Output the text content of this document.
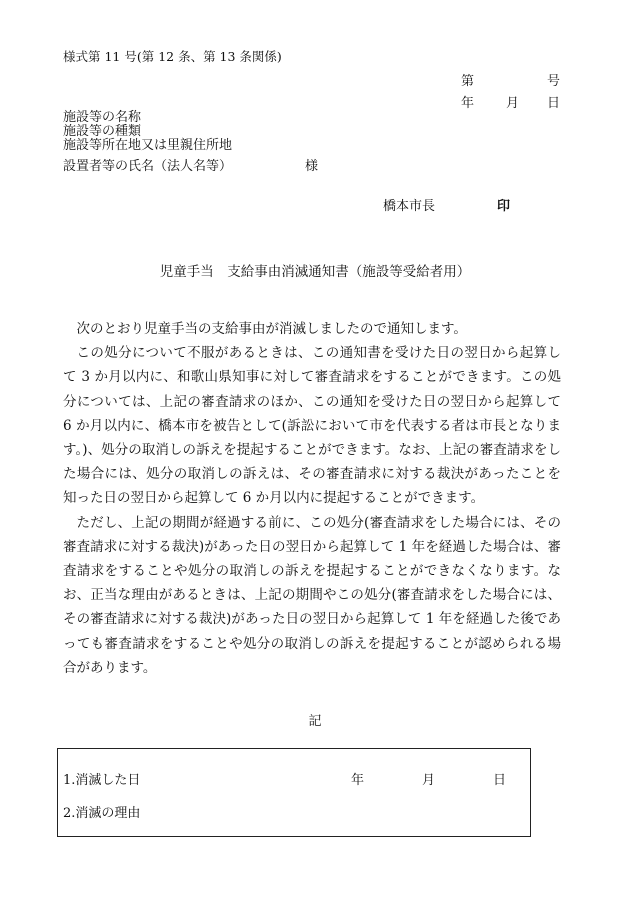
様式第 11 号(第 12 条、第 13 条関係)
第	号
年 月 日
施設等の名称
施設等の種類
施設等所在地又は里親住所地
設置者等の氏名（法人名等）	様
橋本市長	印
児童手当　支給事由消滅通知書（施設等受給者用）

次のとおり児童手当の支給事由が消滅しましたので通知します。

この処分について不服があるときは、この通知書を受けた日の翌日から起算して 3 か月以内に、和歌山県知事に対して審査請求をすることができます。この処分については、上記の審査請求のほか、この通知を受けた日の翌日から起算して 6 か月以内に、橋本市を被告として(訴訟において市を代表する者は市長となります。)、処分の取消しの訴えを提起することができます。なお、上記の審査請求をした場合には、処分の取消しの訴えは、その審査請求に対する裁決があったことを知った日の翌日から起算して 6 か月以内に提起することができます。

ただし、上記の期間が経過する前に、この処分(審査請求をした場合には、その審査請求に対する裁決)があった日の翌日から起算して 1 年を経過した場合は、審査請求をすることや処分の取消しの訴えを提起することができなくなります。なお、正当な理由があるときは、上記の期間やこの処分(審査請求をした場合には、その審査請求に対する裁決)があった日の翌日から起算して 1 年を経過した後であっても審査請求をすることや処分の取消しの訴えを提起することが認められる場合があります。

記
1.消滅した日	年	月	日
2.消滅の理由
